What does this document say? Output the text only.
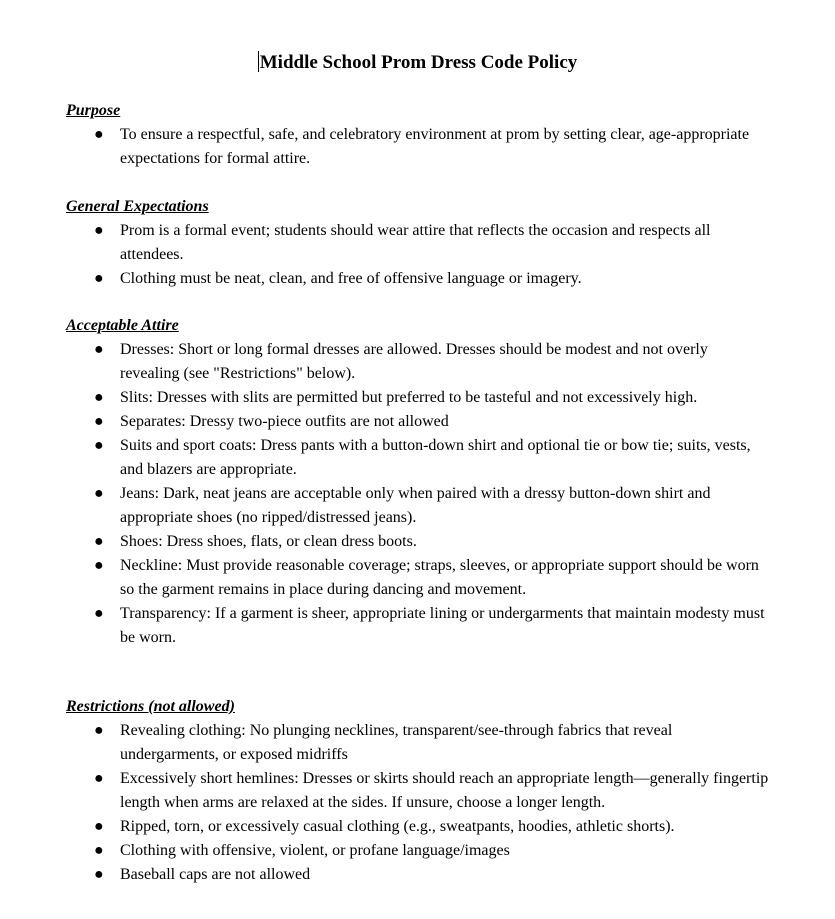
Middle School Prom Dress Code Policy
Purpose
● To ensure a respectful, safe, and celebratory environment at prom by setting clear, age-appropriate expectations for formal attire.
General Expectations
● Prom is a formal event; students should wear attire that reflects the occasion and respects all attendees.
● Clothing must be neat, clean, and free of offensive language or imagery.
Acceptable Attire
● Dresses: Short or long formal dresses are allowed. Dresses should be modest and not overly revealing (see "Restrictions" below).
● Slits: Dresses with slits are permitted but preferred to be tasteful and not excessively high.
● Separates: Dressy two-piece outfits are not allowed
● Suits and sport coats: Dress pants with a button-down shirt and optional tie or bow tie; suits, vests, and blazers are appropriate.
● Jeans: Dark, neat jeans are acceptable only when paired with a dressy button-down shirt and appropriate shoes (no ripped/distressed jeans).
● Shoes: Dress shoes, flats, or clean dress boots.
● Neckline: Must provide reasonable coverage; straps, sleeves, or appropriate support should be worn so the garment remains in place during dancing and movement.
● Transparency: If a garment is sheer, appropriate lining or undergarments that maintain modesty must be worn.
Restrictions (not allowed)
● Revealing clothing: No plunging necklines, transparent/see-through fabrics that reveal undergarments, or exposed midriffs
● Excessively short hemlines: Dresses or skirts should reach an appropriate length—generally fingertip length when arms are relaxed at the sides. If unsure, choose a longer length.
● Ripped, torn, or excessively casual clothing (e.g., sweatpants, hoodies, athletic shorts).
● Clothing with offensive, violent, or profane language/images
● Baseball caps are not allowed
